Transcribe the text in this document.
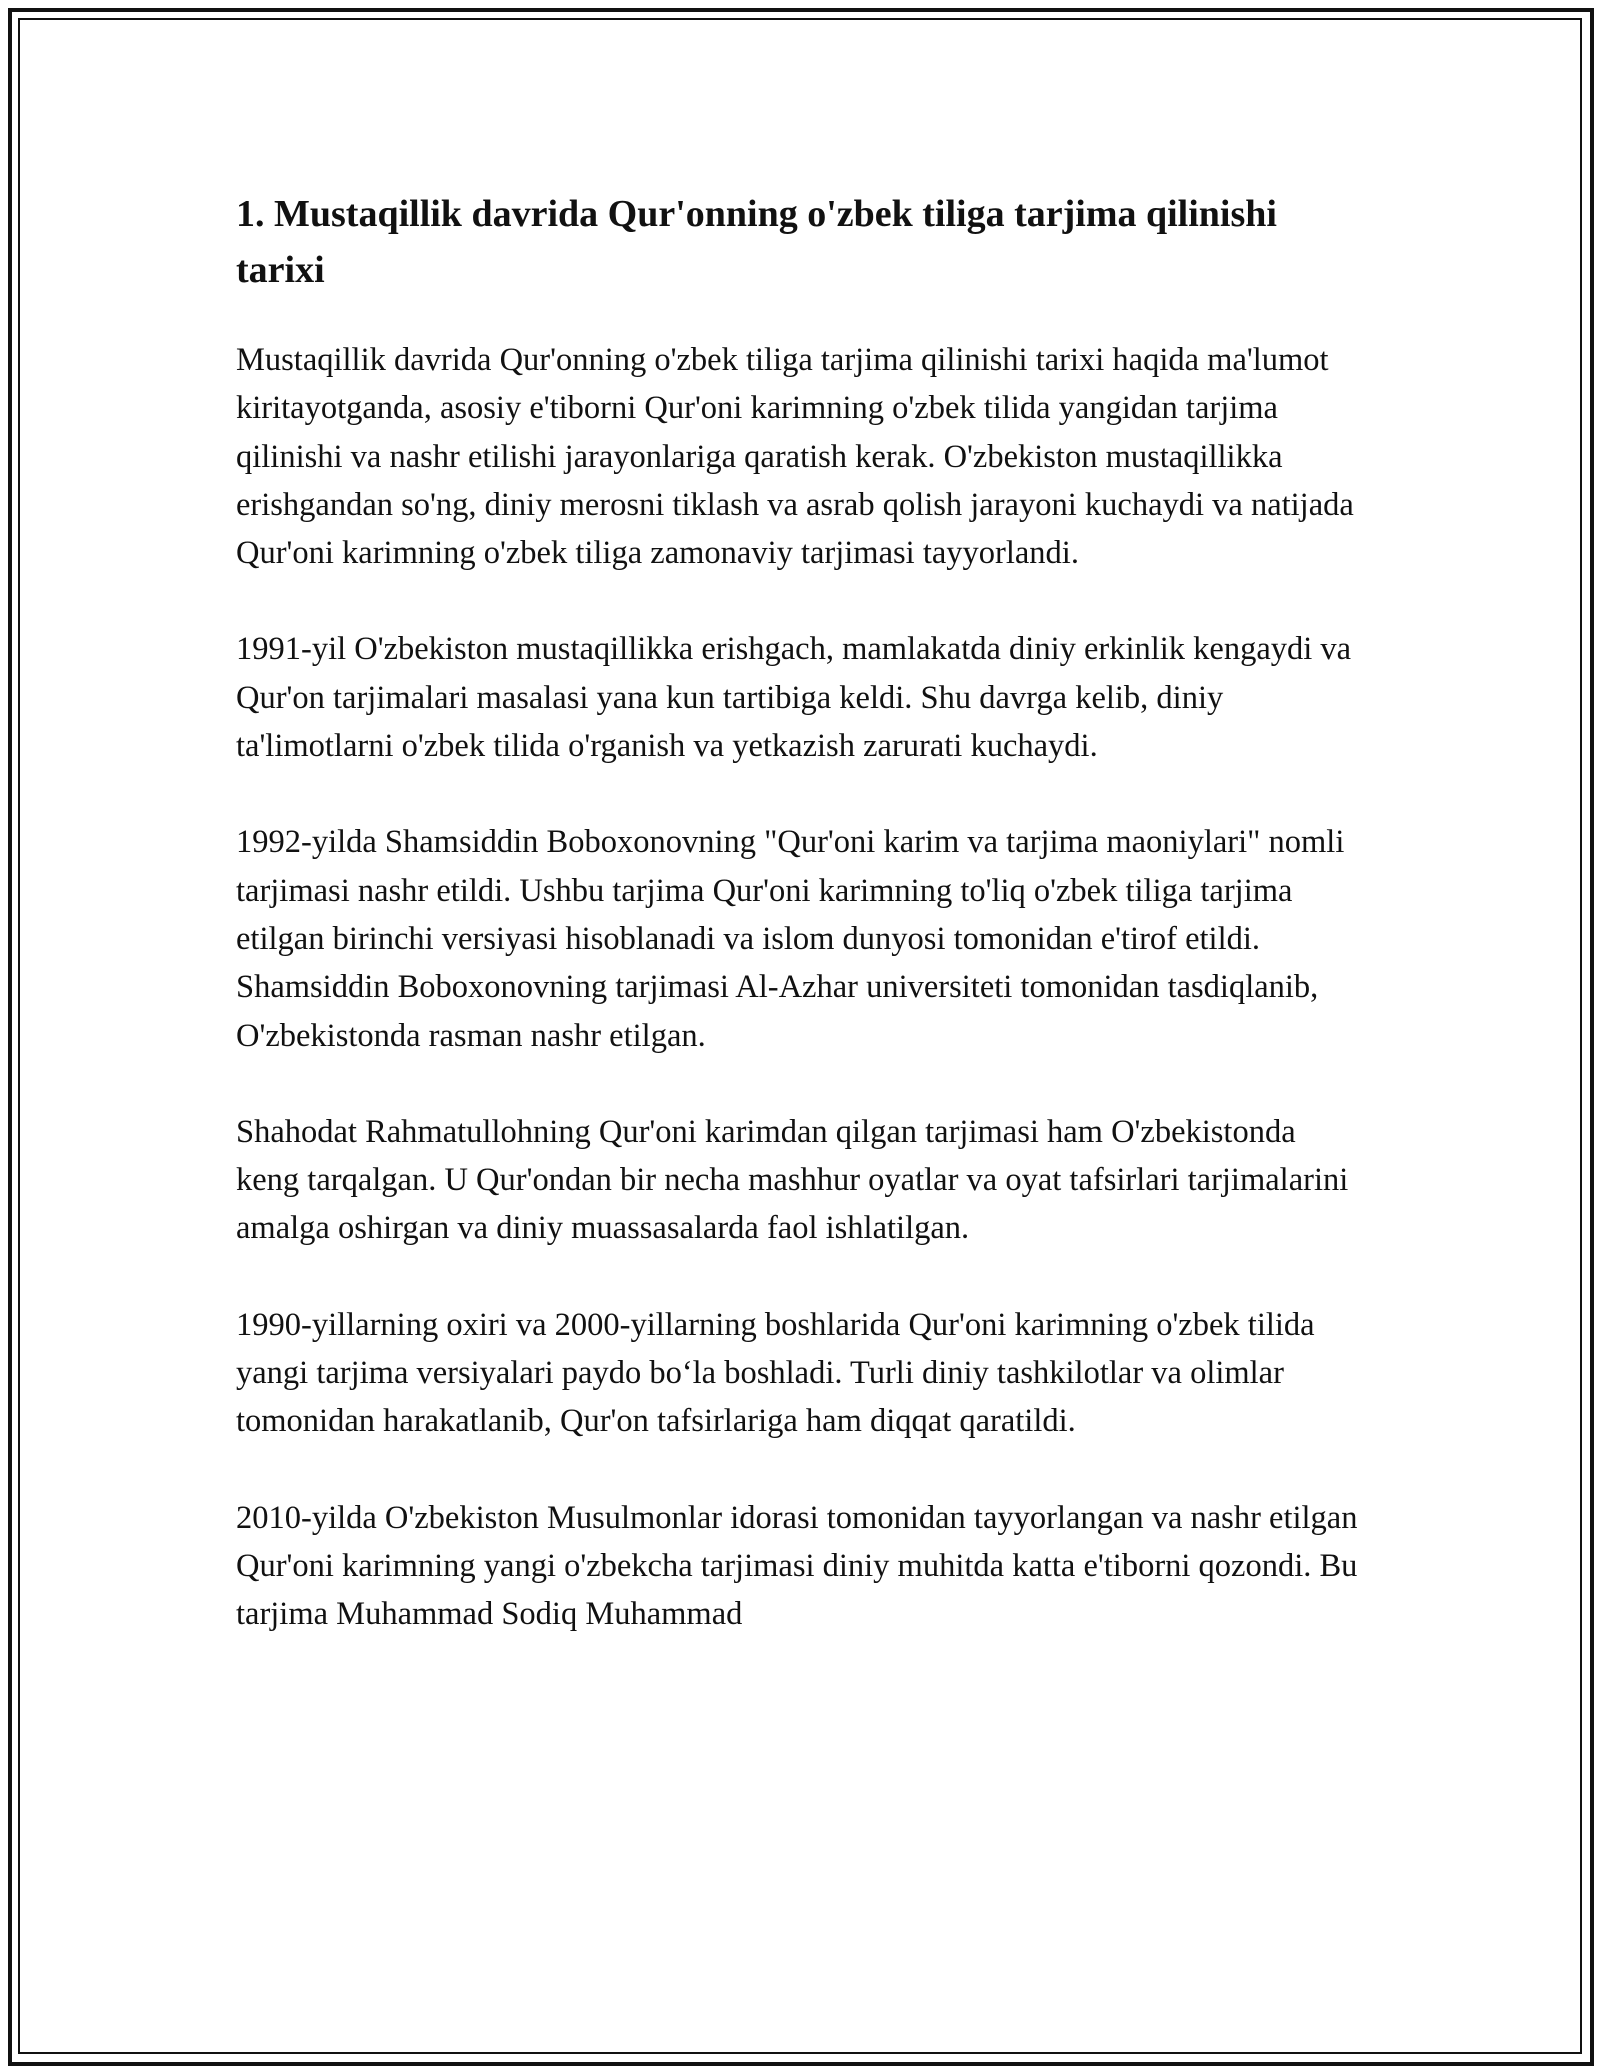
1. Mustaqillik davrida Qur'onning o'zbek tiliga tarjima qilinishi tarixi

Mustaqillik davrida Qur'onning o'zbek tiliga tarjima qilinishi tarixi haqida ma'lumot kiritayotganda, asosiy e'tiborni Qur'oni karimning o'zbek tilida yangidan tarjima qilinishi va nashr etilishi jarayonlariga qaratish kerak. O'zbekiston mustaqillikka erishgandan so'ng, diniy merosni tiklash va asrab qolish jarayoni kuchaydi va natijada Qur'oni karimning o'zbek tiliga zamonaviy tarjimasi tayyorlandi.

1991-yil O'zbekiston mustaqillikka erishgach, mamlakatda diniy erkinlik kengaydi va Qur'on tarjimalari masalasi yana kun tartibiga keldi. Shu davrga kelib, diniy ta'limotlarni o'zbek tilida o'rganish va yetkazish zarurati kuchaydi.

1992-yilda Shamsiddin Boboxonovning "Qur'oni karim va tarjima maoniylari" nomli tarjimasi nashr etildi. Ushbu tarjima Qur'oni karimning to'liq o'zbek tiliga tarjima etilgan birinchi versiyasi hisoblanadi va islom dunyosi tomonidan e'tirof etildi. Shamsiddin Boboxonovning tarjimasi Al-Azhar universiteti tomonidan tasdiqlanib, O'zbekistonda rasman nashr etilgan.

Shahodat Rahmatullohning Qur'oni karimdan qilgan tarjimasi ham O'zbekistonda keng tarqalgan. U Qur'ondan bir necha mashhur oyatlar va oyat tafsirlari tarjimalarini amalga oshirgan va diniy muassasalarda faol ishlatilgan.

1990-yillarning oxiri va 2000-yillarning boshlarida Qur'oni karimning o'zbek tilida yangi tarjima versiyalari paydo bo‘la boshladi. Turli diniy tashkilotlar va olimlar tomonidan harakatlanib, Qur'on tafsirlariga ham diqqat qaratildi.

2010-yilda O'zbekiston Musulmonlar idorasi tomonidan tayyorlangan va nashr etilgan Qur'oni karimning yangi o'zbekcha tarjimasi diniy muhitda katta e'tiborni qozondi. Bu tarjima Muhammad Sodiq Muhammad
